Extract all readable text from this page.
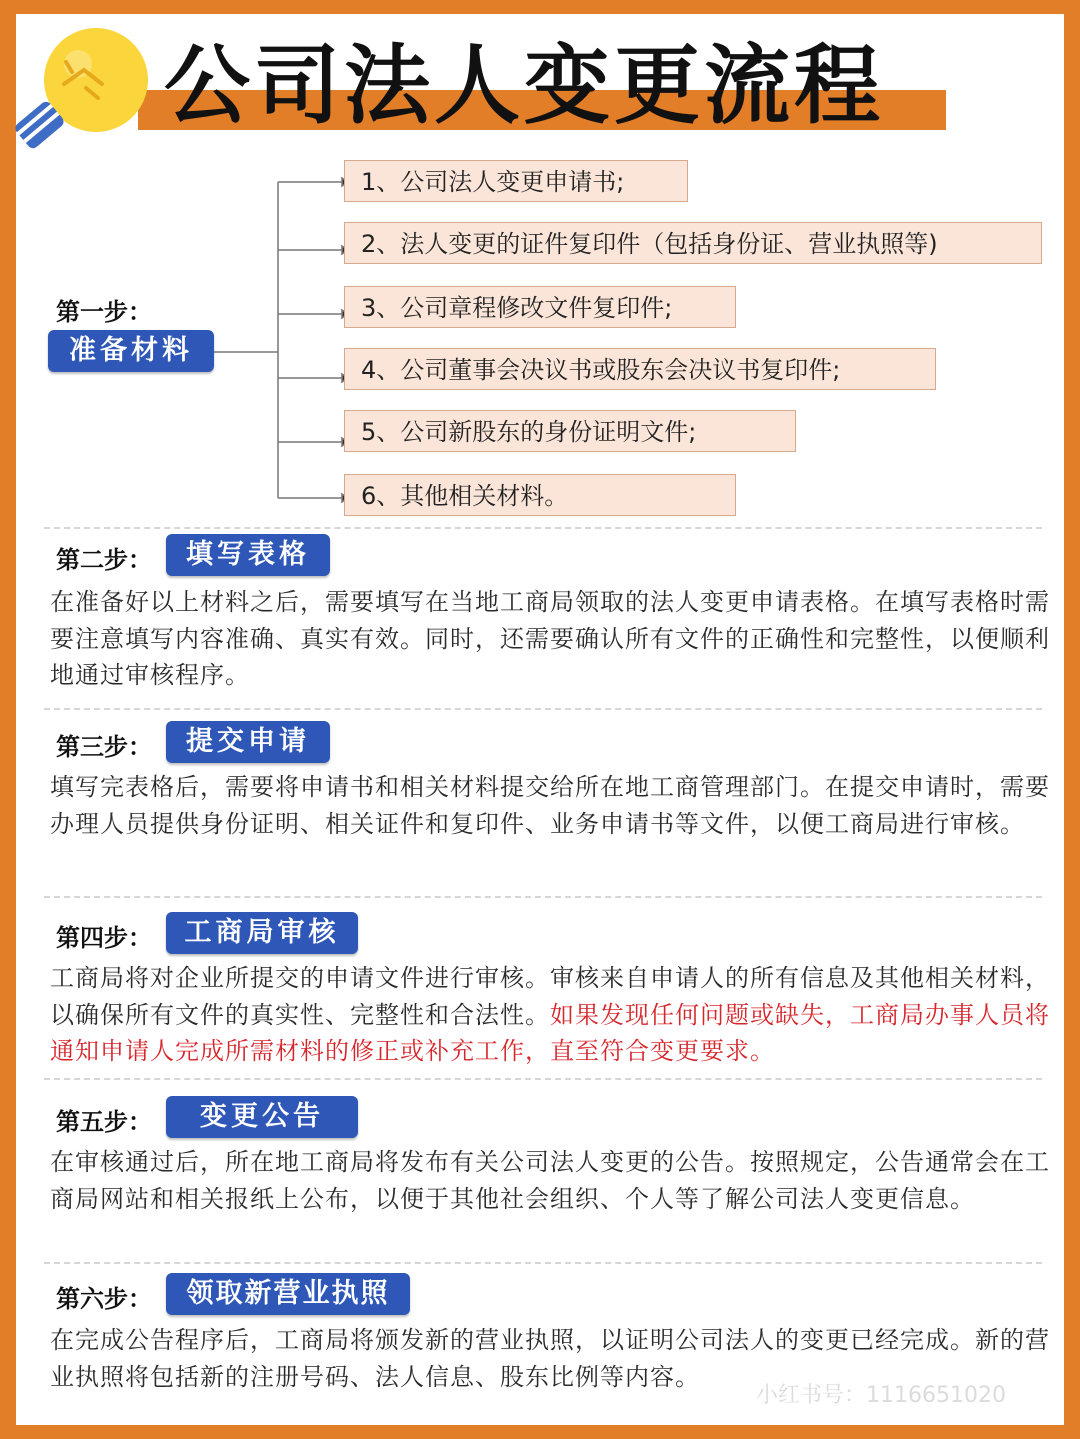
公司法人变更流程
第一步：
准备材料
1、公司法人变更申请书;
2、法人变更的证件复印件（包括身份证、营业执照等)
3、公司章程修改文件复印件;
4、公司董事会决议书或股东会决议书复印件;
5、公司新股东的身份证明文件;
6、其他相关材料。
第二步：	填写表格

在准备好以上材料之后，需要填写在当地工商局领取的法人变更申请表格。在填写表格时需要注意填写内容准确、真实有效。同时，还需要确认所有文件的正确性和完整性，以便顺利地通过审核程序。

第三步：	提交申请

填写完表格后，需要将申请书和相关材料提交给所在地工商管理部门。在提交申请时，需要办理人员提供身份证明、相关证件和复印件、业务申请书等文件，以便工商局进行审核。

第四步：	工商局审核

工商局将对企业所提交的申请文件进行审核。审核来自申请人的所有信息及其他相关材料，以确保所有文件的真实性、完整性和合法性。如果发现任何问题或缺失，工商局办事人员将通知申请人完成所需材料的修正或补充工作，直至符合变更要求。

第五步：	变更公告

在审核通过后，所在地工商局将发布有关公司法人变更的公告。按照规定，公告通常会在工商局网站和相关报纸上公布，以便于其他社会组织、个人等了解公司法人变更信息。

第六步：	领取新营业执照

在完成公告程序后，工商局将颁发新的营业执照，以证明公司法人的变更已经完成。新的营业执照将包括新的注册号码、法人信息、股东比例等内容。

小红书号：1116651020
